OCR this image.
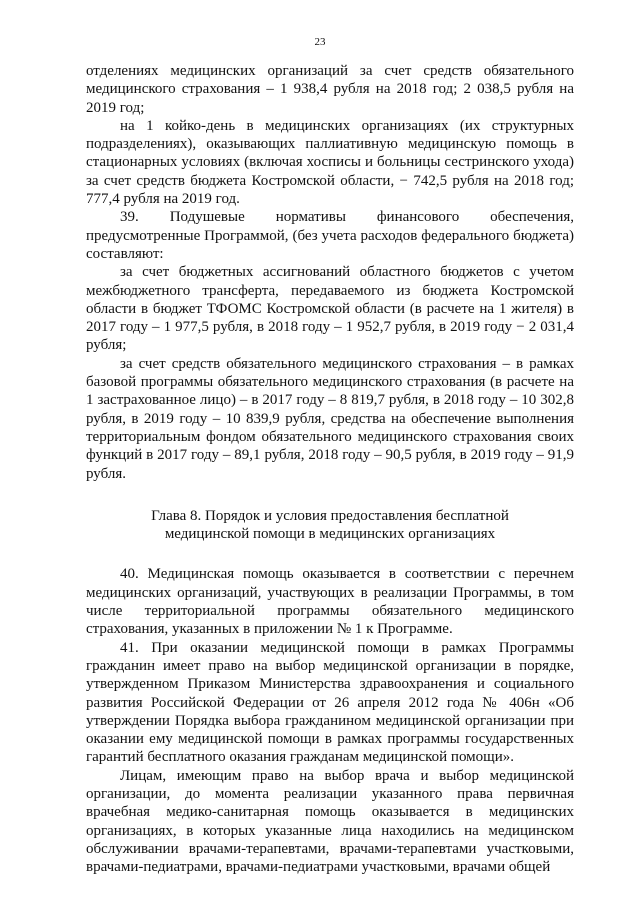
23

отделениях медицинских организаций за счет средств обязательного медицинского страхования – 1 938,4 рубля на 2018 год; 2 038,5 рубля на 2019 год;

на 1 койко-день в медицинских организациях (их структурных подразделениях), оказывающих паллиативную медицинскую помощь в стационарных условиях (включая хосписы и больницы сестринского ухода) за счет средств бюджета Костромской области, − 742,5 рубля на 2018 год; 777,4 рубля на 2019 год.

39. Подушевые нормативы финансового обеспечения, предусмотренные Программой, (без учета расходов федерального бюджета) составляют:

за счет бюджетных ассигнований областного бюджетов с учетом межбюджетного трансферта, передаваемого из бюджета Костромской области в бюджет ТФОМС Костромской области (в расчете на 1 жителя) в 2017 году – 1 977,5 рубля, в 2018 году – 1 952,7 рубля, в 2019 году − 2 031,4 рубля;

за счет средств обязательного медицинского страхования – в рамках базовой программы обязательного медицинского страхования (в расчете на 1 застрахованное лицо) – в 2017 году – 8 819,7 рубля, в 2018 году – 10 302,8 рубля, в 2019 году – 10 839,9 рубля, средства на обеспечение выполнения территориальным фондом обязательного медицинского страхования своих функций в 2017 году – 89,1 рубля, 2018 году – 90,5 рубля, в 2019 году – 91,9 рубля.

Глава 8. Порядок и условия предоставления бесплатной медицинской помощи в медицинских организациях

40. Медицинская помощь оказывается в соответствии с перечнем медицинских организаций, участвующих в реализации Программы, в том числе территориальной программы обязательного медицинского страхования, указанных в приложении № 1 к Программе.

41. При оказании медицинской помощи в рамках Программы гражданин имеет право на выбор медицинской организации в порядке, утвержденном Приказом Министерства здравоохранения и социального развития Российской Федерации от 26 апреля 2012 года № 406н «Об утверждении Порядка выбора гражданином медицинской организации при оказании ему медицинской помощи в рамках программы государственных гарантий бесплатного оказания гражданам медицинской помощи».

Лицам, имеющим право на выбор врача и выбор медицинской организации, до момента реализации указанного права первичная врачебная медико-санитарная помощь оказывается в медицинских организациях, в которых указанные лица находились на медицинском обслуживании врачами-терапевтами, врачами-терапевтами участковыми, врачами-педиатрами, врачами-педиатрами участковыми, врачами общей
